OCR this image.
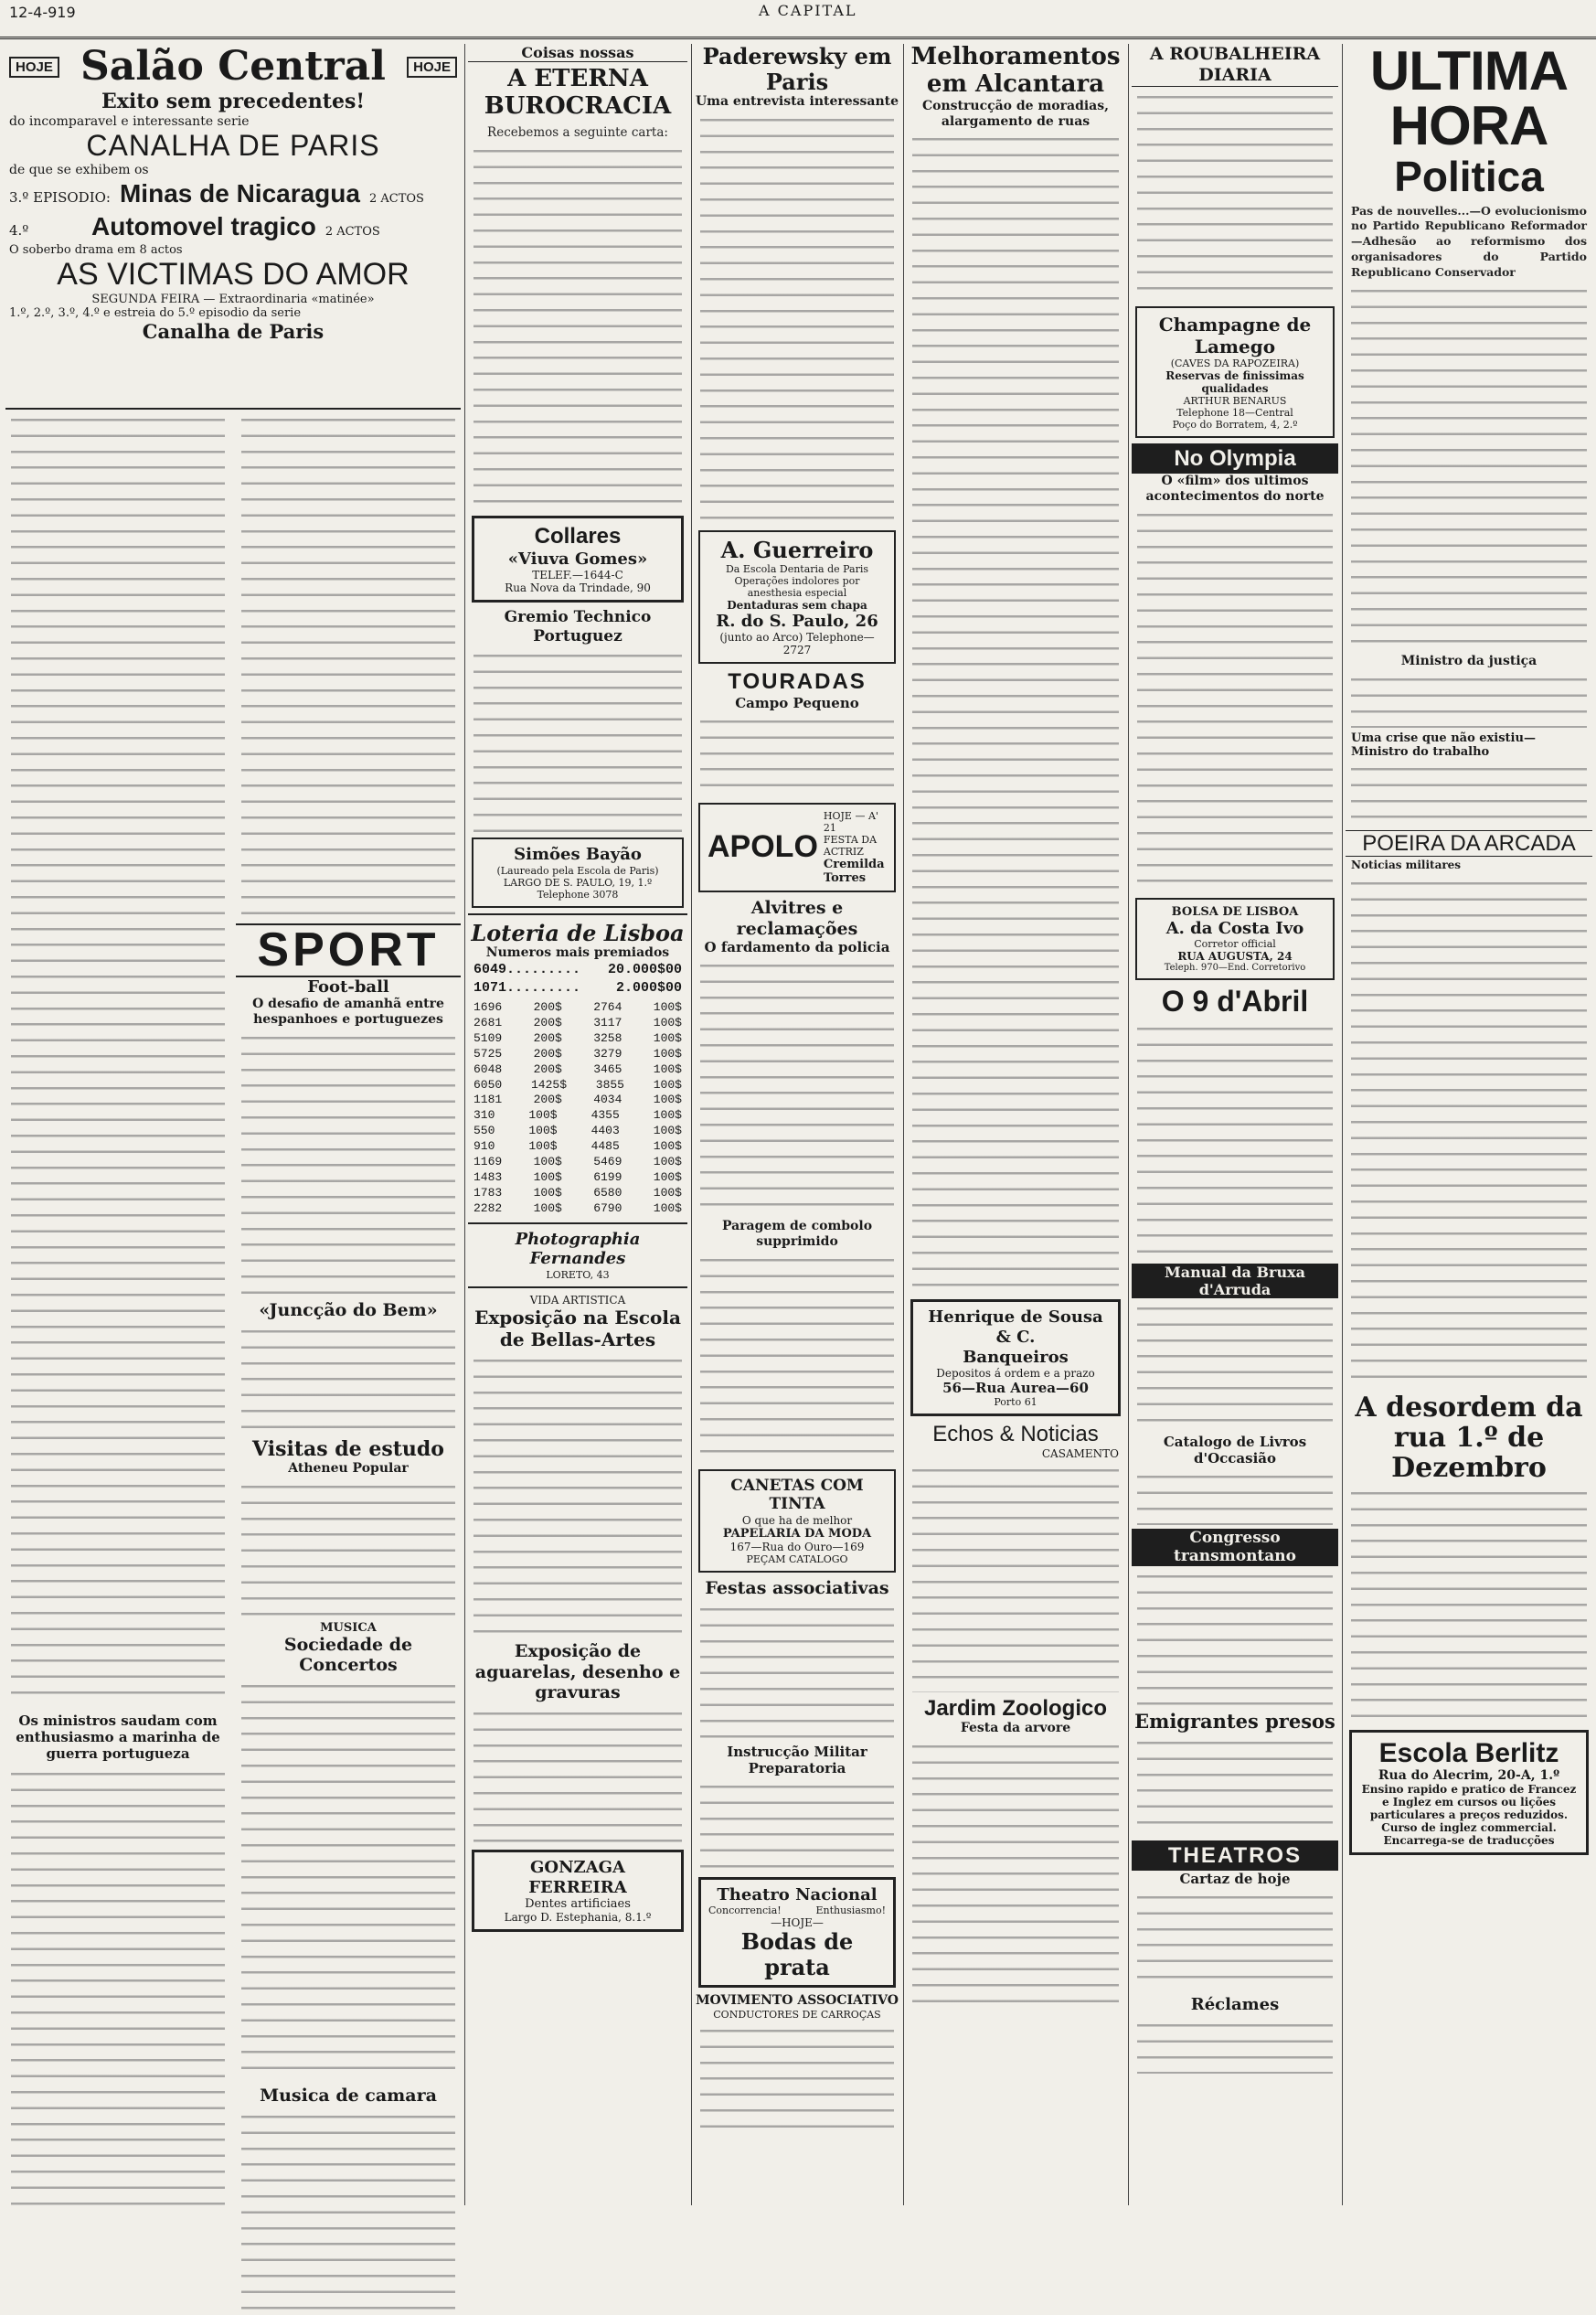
12-4-919	A CAPITAL
HOJE Salão Central	HOJE
Exito sem precedentes!
do incomparavel e interessante serie
CANALHA DE PARIS
de que se exhibem os
3.º EPISODIO: Minas de Nicaragua 2 ACTOS
4.º	Automovel tragico 2 ACTOS
O soberbo drama em 8 actos
AS VICTIMAS DO AMOR
SEGUNDA FEIRA — Extraordinaria «matinée»
1.º, 2.º, 3.º, 4.º e estreia do 5.º episodio da serie
Canalha de Paris
Os ministros saudam com enthusiasmo a marinha de guerra portugueza
Coisas nossas
A ETERNA BUROCRACIA
Recebemos a seguinte carta:
Collares
«Viuva Gomes»
TELEF.—1644-C
Rua Nova da Trindade, 90
Gremio Technico Portuguez
Simões Bayão
(Laureado pela Escola de Paris)
LARGO DE S. PAULO, 19, 1.º
Telephone 3078
Loteria de Lisboa
Numeros mais premiados
6049......... 20.000$00
1071.........	2.000$00
1696	200$	2764	100$
2681	200$	3117	100$
5109	200$	3258	100$
5725	200$	3279	100$
6048	200$	3465	100$
6050 1425$ 3855 100$
1181	200$	4034	100$
310	100$	4355	100$
550	100$	4403	100$
910	100$	4485	100$
1169	100$	5469	100$
1483	100$	6199	100$
1783	100$	6580	100$
2282	100$	6790	100$
Photographia Fernandes
LORETO, 43
VIDA ARTISTICA
Exposição na Escola de Bellas-Artes
Exposição de aguarelas, desenho e gravuras
GONZAGA FERREIRA
Dentes artificiaes
Largo D. Estephania, 8.1.º
Paderewsky em Paris
Uma entrevista interessante
A. Guerreiro
Da Escola Dentaria de Paris
Operações indolores por anesthesia especial
Dentaduras sem chapa
R. do S. Paulo, 26
(junto ao Arco) Telephone—2727
TOURADAS
Campo Pequeno
APOLO
HOJE — A' 21
FESTA DA ACTRIZ
Cremilda Torres
Alvitres e reclamações
O fardamento da policia
Paragem de combolo supprimido
CANETAS COM TINTA
O que ha de melhor
PAPELARIA DA MODA
167—Rua do Ouro—169
PEÇAM CATALOGO
Festas associativas
Instrucção Militar Preparatoria
Theatro Nacional
Concorrencia!	Enthusiasmo!
—HOJE—
Bodas de prata
MOVIMENTO ASSOCIATIVO
CONDUCTORES DE CARROÇAS
Melhoramentos em Alcantara
Construcção de moradias, alargamento de ruas
Henrique de Sousa & C.
Banqueiros
Depositos á ordem e a prazo
56—Rua Aurea—60
Porto 61
Echos & Noticias
CASAMENTO
Jardim Zoologico
Festa da arvore
A ROUBALHEIRA DIARIA
Champagne de Lamego
(CAVES DA RAPOZEIRA)
Reservas de finissimas qualidades
ARTHUR BENARUS
Telephone 18—Central
Poço do Borratem, 4, 2.º
No Olympia
O «film» dos ultimos acontecimentos do norte
BOLSA DE LISBOA
A. da Costa Ivo
Corretor official
RUA AUGUSTA, 24
Teleph. 970—End. Corretorivo
O 9 d'Abril
Manual da Bruxa d'Arruda
Catalogo de Livros d'Occasião
Congresso transmontano
Emigrantes presos
THEATROS
Cartaz de hoje
Réclames
ULTIMA HORA
Politica
Pas de nouvelles...—O evolucionismo no Partido Republicano Reformador—Adhesão ao reformismo dos organisadores do Partido Republicano Conservador
Ministro da justiça
Uma crise que não existiu—Ministro do trabalho
POEIRA DA ARCADA
Noticias militares
A desordem da rua 1.º de Dezembro
Escola Berlitz
Rua do Alecrim, 20-A, 1.º
Ensino rapido e pratico de Francez e Inglez em cursos ou lições particulares a preços reduzidos.
Curso de inglez commercial.
Encarrega-se de traducções
SPORT
Foot-ball
O desafio de amanhã entre hespanhoes e portuguezes
«Juncção do Bem»
Visitas de estudo
Atheneu Popular
MUSICA
Sociedade de Concertos
Musica de camara
